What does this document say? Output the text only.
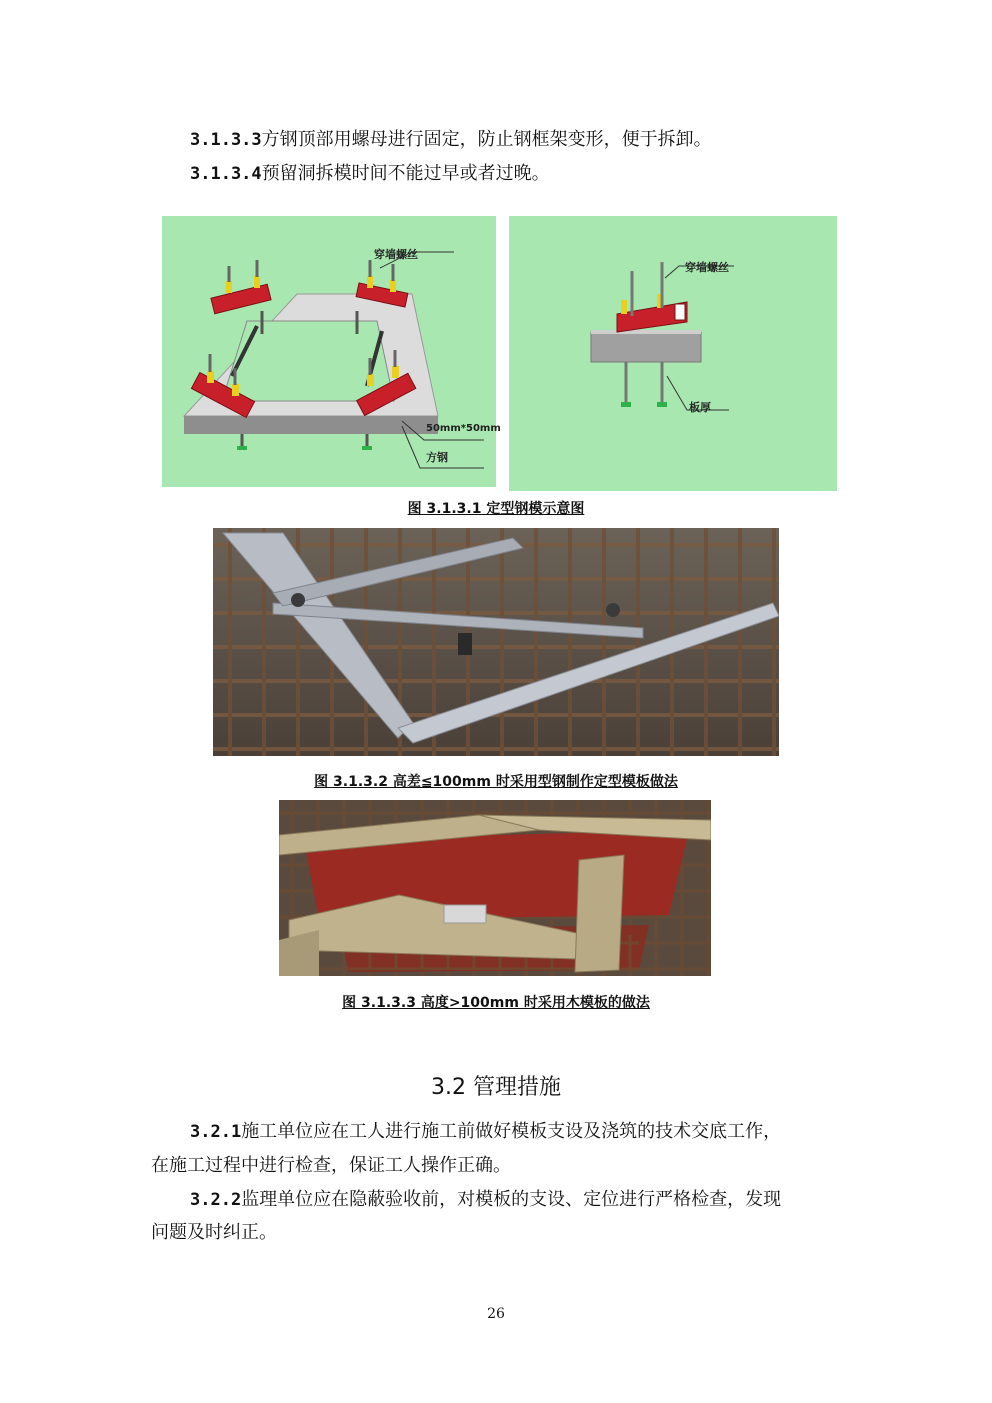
3.1.3.3方钢顶部用螺母进行固定，防止钢框架变形，便于拆卸。
3.1.3.4预留洞拆模时间不能过早或者过晚。
穿墙螺丝
50mm*50mm
方钢
穿墙螺丝
板厚
图 3.1.3.1 定型钢模示意图
图 3.1.3.2 高差≦100mm 时采用型钢制作定型模板做法
图 3.1.3.3 高度>100mm 时采用木模板的做法
3.2 管理措施
3.2.1施工单位应在工人进行施工前做好模板支设及浇筑的技术交底工作，
在施工过程中进行检查，保证工人操作正确。
3.2.2监理单位应在隐蔽验收前，对模板的支设、定位进行严格检查，发现
问题及时纠正。
26
